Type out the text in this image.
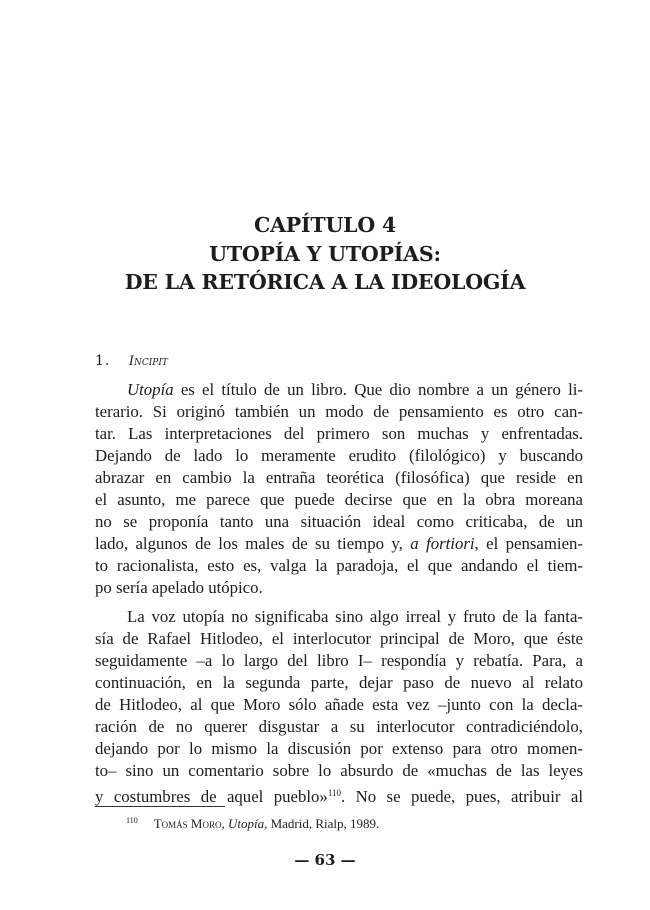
CAPÍTULO 4
UTOPÍA Y UTOPÍAS:
DE LA RETÓRICA A LA IDEOLOGÍA
1. Incipit

Utopía es el título de un libro. Que dio nombre a un género li-
terario. Si originó también un modo de pensamiento es otro can-
tar. Las interpretaciones del primero son muchas y enfrentadas.
Dejando de lado lo meramente erudito (filológico) y buscando
abrazar en cambio la entraña teorética (filosófica) que reside en
el asunto, me parece que puede decirse que en la obra moreana
no se proponía tanto una situación ideal como criticaba, de un
lado, algunos de los males de su tiempo y, a fortiori, el pensamien-
to racionalista, esto es, valga la paradoja, el que andando el tiem-
po sería apelado utópico.

La voz utopía no significaba sino algo irreal y fruto de la fanta-
sía de Rafael Hitlodeo, el interlocutor principal de Moro, que éste
seguidamente –a lo largo del libro I– respondía y rebatía. Para, a
continuación, en la segunda parte, dejar paso de nuevo al relato
de Hitlodeo, al que Moro sólo añade esta vez –junto con la decla-
ración de no querer disgustar a su interlocutor contradiciéndolo,
dejando por lo mismo la discusión por extenso para otro momen-
to– sino un comentario sobre lo absurdo de «muchas de las leyes
y costumbres de aquel pueblo»$^{110}$. No se puede, pues, atribuir al

$^{110}$ Tomás Moro, Utopía, Madrid, Rialp, 1989.
— 63 —
